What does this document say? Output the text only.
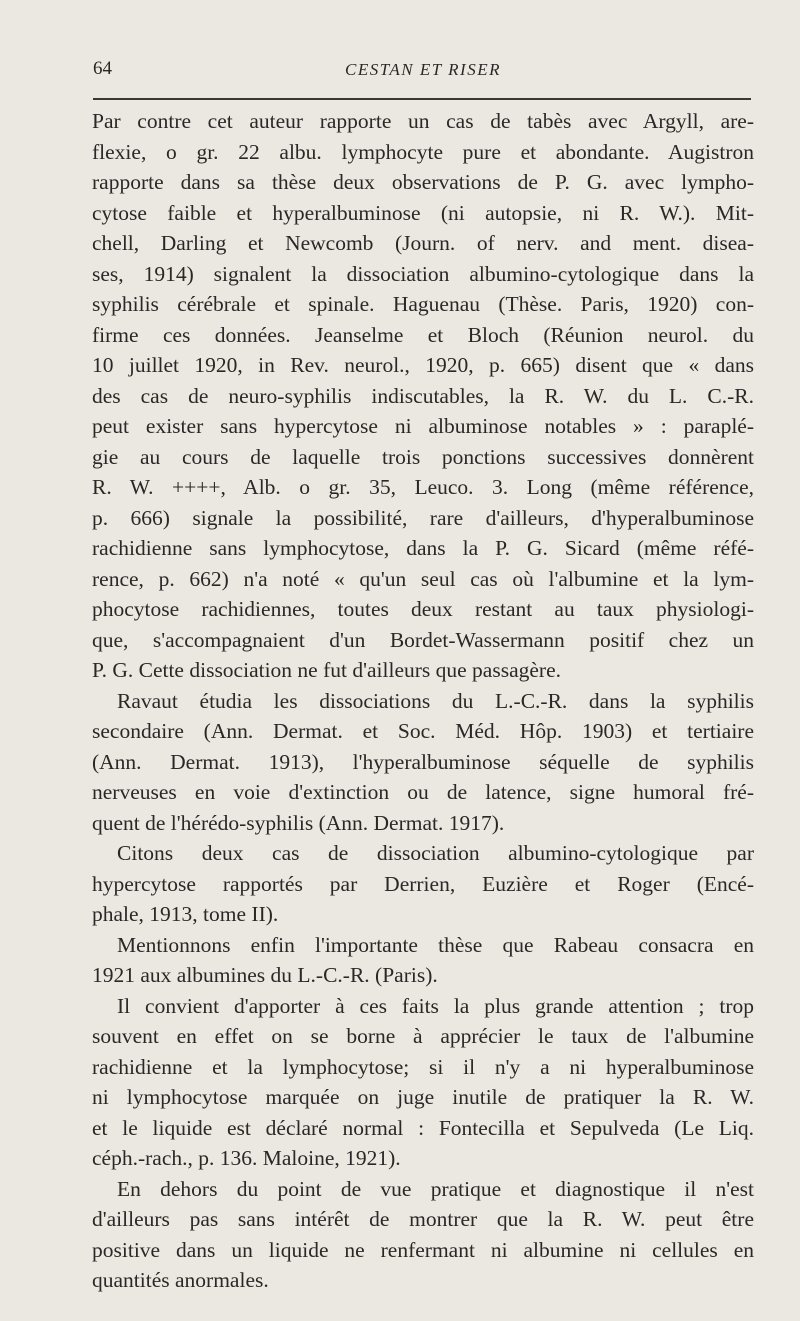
64	CESTAN ET RISER
Par contre cet auteur rapporte un cas de tabès avec Argyll, are-
flexie, o gr. 22 albu. lymphocyte pure et abondante. Augistron
rapporte dans sa thèse deux observations de P. G. avec lympho-
cytose faible et hyperalbuminose (ni autopsie, ni R. W.). Mit-
chell, Darling et Newcomb (Journ. of nerv. and ment. disea-
ses, 1914) signalent la dissociation albumino-cytologique dans la
syphilis cérébrale et spinale. Haguenau (Thèse. Paris, 1920) con-
firme ces données. Jeanselme et Bloch (Réunion neurol. du
10 juillet 1920, in Rev. neurol., 1920, p. 665) disent que « dans
des cas de neuro-syphilis indiscutables, la R. W. du L. C.-R.
peut exister sans hypercytose ni albuminose notables » : paraplé-
gie au cours de laquelle trois ponctions successives donnèrent
R. W. ++++, Alb. o gr. 35, Leuco. 3. Long (même référence,
p. 666) signale la possibilité, rare d'ailleurs, d'hyperalbuminose
rachidienne sans lymphocytose, dans la P. G. Sicard (même réfé-
rence, p. 662) n'a noté « qu'un seul cas où l'albumine et la lym-
phocytose rachidiennes, toutes deux restant au taux physiologi-
que, s'accompagnaient d'un Bordet-Wassermann positif chez un
P. G. Cette dissociation ne fut d'ailleurs que passagère.
Ravaut étudia les dissociations du L.-C.-R. dans la syphilis
secondaire (Ann. Dermat. et Soc. Méd. Hôp. 1903) et tertiaire
(Ann. Dermat. 1913), l'hyperalbuminose séquelle de syphilis
nerveuses en voie d'extinction ou de latence, signe humoral fré-
quent de l'hérédo-syphilis (Ann. Dermat. 1917).
Citons deux cas de dissociation albumino-cytologique par
hypercytose rapportés par Derrien, Euzière et Roger (Encé-
phale, 1913, tome II).
Mentionnons enfin l'importante thèse que Rabeau consacra en
1921 aux albumines du L.-C.-R. (Paris).
Il convient d'apporter à ces faits la plus grande attention ; trop
souvent en effet on se borne à apprécier le taux de l'albumine
rachidienne et la lymphocytose; si il n'y a ni hyperalbuminose
ni lymphocytose marquée on juge inutile de pratiquer la R. W.
et le liquide est déclaré normal : Fontecilla et Sepulveda (Le Liq.
céph.-rach., p. 136. Maloine, 1921).
En dehors du point de vue pratique et diagnostique il n'est
d'ailleurs pas sans intérêt de montrer que la R. W. peut être
positive dans un liquide ne renfermant ni albumine ni cellules en
quantités anormales.
